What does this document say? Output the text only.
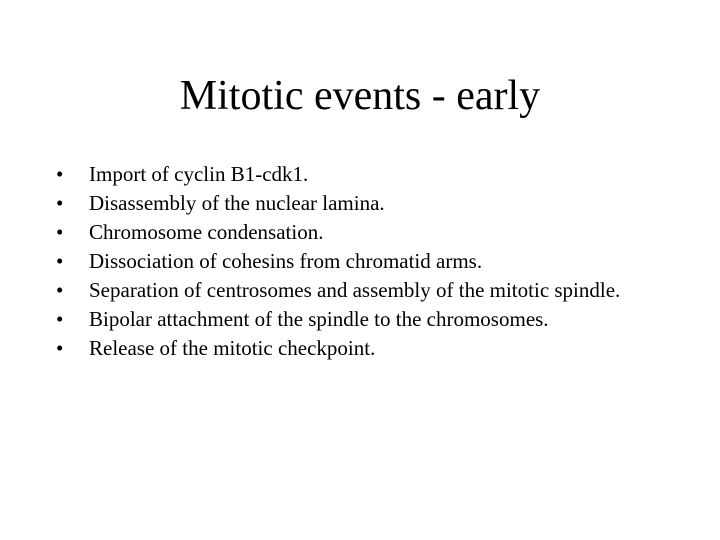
Mitotic events - early
• Import of cyclin B1-cdk1.
• Disassembly of the nuclear lamina.
• Chromosome condensation.
• Dissociation of cohesins from chromatid arms.
• Separation of centrosomes and assembly of the mitotic spindle.
• Bipolar attachment of the spindle to the chromosomes.
• Release of the mitotic checkpoint.
